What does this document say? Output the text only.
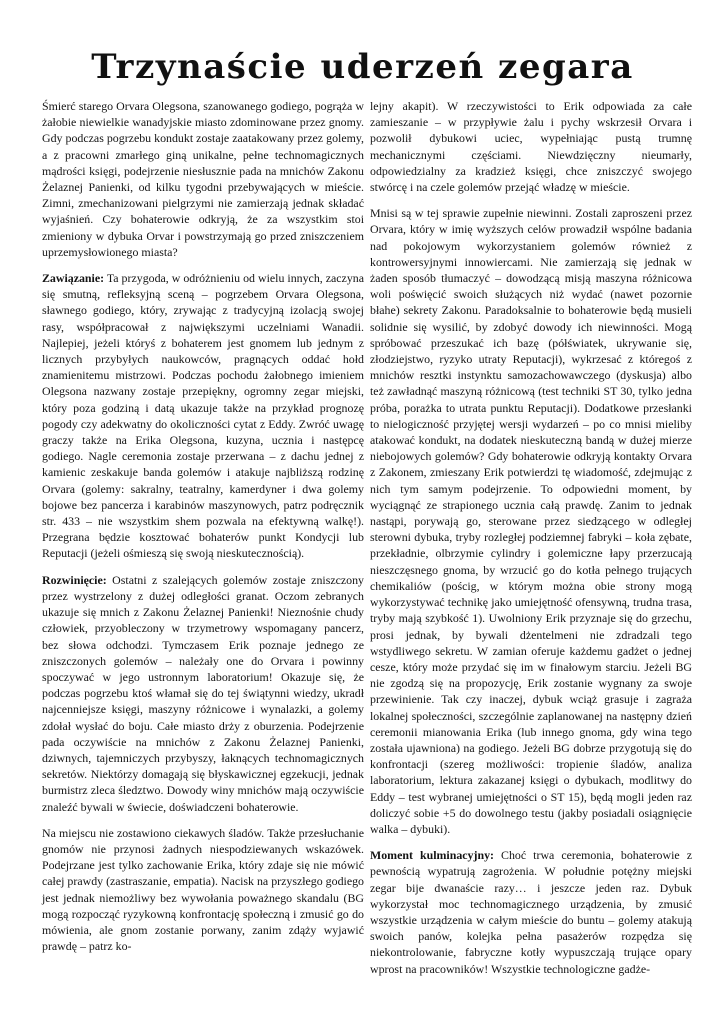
Trzynaście uderzeń zegara

Śmierć starego Orvara Olegsona, szanowanego godiego, pogrąża w żałobie niewielkie wanadyjskie miasto zdominowane przez gnomy. Gdy podczas pogrzebu kondukt zostaje zaatakowany przez golemy, a z pracowni zmarłego giną unikalne, pełne technomagicznych mądrości księgi, podejrzenie niesłusznie pada na mnichów Zakonu Żelaznej Panienki, od kilku tygodni przebywających w mieście. Zimni, zmechanizowani pielgrzymi nie zamierzają jednak składać wyjaśnień. Czy bohaterowie odkryją, że za wszystkim stoi zmieniony w dybuka Orvar i powstrzymają go przed zniszczeniem uprzemysłowionego miasta?

Zawiązanie: Ta przygoda, w odróżnieniu od wielu innych, zaczyna się smutną, refleksyjną sceną – pogrzebem Orvara Olegsona, sławnego godiego, który, zrywając z tradycyjną izolacją swojej rasy, współpracował z największymi uczelniami Wanadii. Najlepiej, jeżeli któryś z bohaterem jest gnomem lub jednym z licznych przybyłych naukowców, pragnących oddać hołd znamienitemu mistrzowi. Podczas pochodu żałobnego imieniem Olegsona nazwany zostaje przepiękny, ogromny zegar miejski, który poza godziną i datą ukazuje także na przykład prognozę pogody czy adekwatny do okoliczności cytat z Eddy. Zwróć uwagę graczy także na Erika Olegsona, kuzyna, ucznia i następcę godiego. Nagle ceremonia zostaje przerwana – z dachu jednej z kamienic zeskakuje banda golemów i atakuje najbliższą rodzinę Orvara (golemy: sakralny, teatralny, kamerdyner i dwa golemy bojowe bez pancerza i karabinów maszynowych, patrz podręcznik str. 433 – nie wszystkim shem pozwala na efektywną walkę!). Przegrana będzie kosztować bohaterów punkt Kondycji lub Reputacji (jeżeli ośmieszą się swoją nieskutecznością).

Rozwinięcie: Ostatni z szalejących golemów zostaje zniszczony przez wystrzelony z dużej odległości granat. Oczom zebranych ukazuje się mnich z Zakonu Żelaznej Panienki! Nieznośnie chudy człowiek, przyobleczony w trzymetrowy wspomagany pancerz, bez słowa odchodzi. Tymczasem Erik poznaje jednego ze zniszczonych golemów – należały one do Orvara i powinny spoczywać w jego ustronnym laboratorium! Okazuje się, że podczas pogrzebu ktoś włamał się do tej świątynni wiedzy, ukradł najcenniejsze księgi, maszyny różnicowe i wynalazki, a golemy zdołał wysłać do boju. Całe miasto drży z oburzenia. Podejrzenie pada oczywiście na mnichów z Zakonu Żelaznej Panienki, dziwnych, tajemniczych przybyszy, łaknących technomagicznych sekretów. Niektórzy domagają się błyskawicznej egzekucji, jednak burmistrz zleca śledztwo. Dowody winy mnichów mają oczywiście znaleźć bywali w świecie, doświadczeni bohaterowie.

Na miejscu nie zostawiono ciekawych śladów. Także przesłuchanie gnomów nie przynosi żadnych niespodziewanych wskazówek. Podejrzane jest tylko zachowanie Erika, który zdaje się nie mówić całej prawdy (zastraszanie, empatia). Nacisk na przyszłego godiego jest jednak niemożliwy bez wywołania poważnego skandalu (BG mogą rozpocząć ryzykowną konfrontację społeczną i zmusić go do mówienia, ale gnom zostanie porwany, zanim zdąży wyjawić prawdę – patrz ko-

lejny akapit). W rzeczywistości to Erik odpowiada za całe zamieszanie – w przypływie żalu i pychy wskrzesił Orvara i pozwolił dybukowi uciec, wypełniając pustą trumnę mechanicznymi częściami. Niewdzięczny nieumarły, odpowiedzialny za kradzież księgi, chce zniszczyć swojego stwórcę i na czele golemów przejąć władzę w mieście.

Mnisi są w tej sprawie zupełnie niewinni. Zostali zaproszeni przez Orvara, który w imię wyższych celów prowadził wspólne badania nad pokojowym wykorzystaniem golemów również z kontrowersyjnymi innowiercami. Nie zamierzają się jednak w żaden sposób tłumaczyć – dowodzącą misją maszyna różnicowa woli poświęcić swoich służących niż wydać (nawet pozornie błahe) sekrety Zakonu. Paradoksalnie to bohaterowie będą musieli solidnie się wysilić, by zdobyć dowody ich niewinności. Mogą spróbować przeszukać ich bazę (półświatek, ukrywanie się, złodziejstwo, ryzyko utraty Reputacji), wykrzesać z któregoś z mnichów resztki instynktu samozachowawczego (dyskusja) albo też zawładnąć maszyną różnicową (test techniki ST 30, tylko jedna próba, porażka to utrata punktu Reputacji). Dodatkowe przesłanki to nielogiczność przyjętej wersji wydarzeń – po co mnisi mieliby atakować kondukt, na dodatek nieskuteczną bandą w dużej mierze niebojowych golemów? Gdy bohaterowie odkryją kontakty Orvara z Zakonem, zmieszany Erik potwierdzi tę wiadomość, zdejmując z nich tym samym podejrzenie. To odpowiedni moment, by wyciągnąć ze strapionego ucznia całą prawdę. Zanim to jednak nastąpi, porywają go, sterowane przez siedzącego w odległej sterowni dybuka, tryby rozległej podziemnej fabryki – koła zębate, przekładnie, olbrzymie cylindry i golemiczne łapy przerzucają nieszczęsnego gnoma, by wrzucić go do kotła pełnego trujących chemikaliów (pościg, w którym można obie strony mogą wykorzystywać technikę jako umiejętność ofensywną, trudna trasa, tryby mają szybkość 1). Uwolniony Erik przyznaje się do grzechu, prosi jednak, by bywali dżentelmeni nie zdradzali tego wstydliwego sekretu. W zamian oferuje każdemu gadżet o jednej cesze, który może przydać się im w finałowym starciu. Jeżeli BG nie zgodzą się na propozycję, Erik zostanie wygnany za swoje przewinienie. Tak czy inaczej, dybuk wciąż grasuje i zagraża lokalnej społeczności, szczególnie zaplanowanej na następny dzień ceremonii mianowania Erika (lub innego gnoma, gdy wina tego została ujawniona) na godiego. Jeżeli BG dobrze przygotują się do konfrontacji (szereg możliwości: tropienie śladów, analiza laboratorium, lektura zakazanej księgi o dybukach, modlitwy do Eddy – test wybranej umiejętności o ST 15), będą mogli jeden raz doliczyć sobie +5 do dowolnego testu (jakby posiadali osiągnięcie walka – dybuki).

Moment kulminacyjny: Choć trwa ceremonia, bohaterowie z pewnością wypatrują zagrożenia. W południe potężny miejski zegar bije dwanaście razy… i jeszcze jeden raz. Dybuk wykorzystał moc technomagicznego urządzenia, by zmusić wszystkie urządzenia w całym mieście do buntu – golemy atakują swoich panów, kolejka pełna pasażerów rozpędza się niekontrolowanie, fabryczne kotły wypuszczają trujące opary wprost na pracowników! Wszystkie technologiczne gadże-
